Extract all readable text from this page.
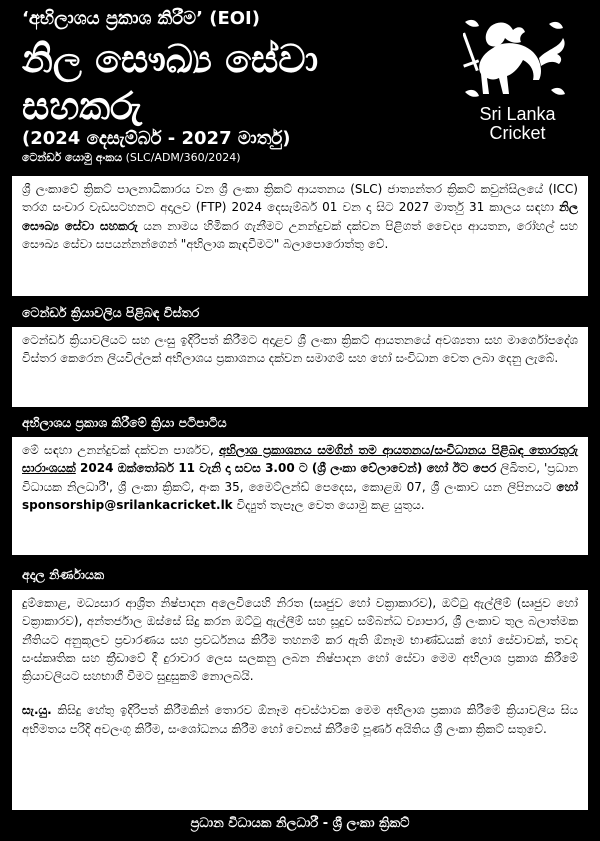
‘අභිලාශය ප්‍රකාශ කිරීම’ (EOI)
නිල සෞඛ්‍ය සේවා
සහකරු
(2024 දෙසැම්බර් - 2027 මාර්තු)
ටෙන්ඩර් යොමු අංකය (SLC/ADM/360/2024)
Sri Lanka
Cricket
ශ්‍රී ලංකාවේ ක්‍රිකට් පාලනාධිකාරය වන ශ්‍රී ලංකා ක්‍රිකට් ආයතනය (SLC) ජාත්‍යන්තර ක්‍රිකට් කවුන්සිලයේ (ICC) තරග සංචාර වැඩසටහනට අදාලව (FTP) 2024 දෙසැම්බර් 01 වන දා සිට 2027 මාර්තු 31 කාලය සඳහා නිල සෞඛ්‍ය සේවා සහකරු යන නාමය හිමිකර ගැනීමට උනන්දුවක් දක්වන පිළිගත් වෛද්‍ය ආයතන, රෝහල් සහ සෞඛ්‍ය සේවා සපයන්නන්ගෙන් "අභිලාශ කැඳවීමට" බලාපොරොත්තු වේ.
ටෙන්ඩර් ක්‍රියාවලිය පිළිබඳ විස්තර
ටෙන්ඩර් ක්‍රියාවලියට සහ ලංසු ඉදිරිපත් කිරීමට අදාළව ශ්‍රී ලංකා ක්‍රිකට් ආයතනයේ අවශ්‍යතා සහ මාර්ගෝපදේශ විස්තර කෙරෙන ලියවිල්ලක් අභිලාශය ප්‍රකාශනය දක්වන සමාගම් සහ හෝ සංවිධාන වෙත ලබා දෙනු ලැබේ.
අභිලාශය ප්‍රකාශ කිරීමේ ක්‍රියා පටිපාටිය
මේ සඳහා උනන්දුවක් දක්වන පාර්ශව, අභිලාශ ප්‍රකාශනය සමගින් තම ආයතනය/සංවිධානය පිළිබඳ තොරතුරු සාරාංශයක් 2024 ඔක්තෝබර් 11 වැනි දා සවස 3.00 ට (ශ්‍රී ලංකා වේලාවෙන්) හෝ ඊට පෙර ලිඛිතව, 'ප්‍රධාන විධායක නිලධාරී', ශ්‍රී ලංකා ක්‍රිකට්, අංක 35, මෛට්ලන්ඩ් පෙදෙස, කොළඹ 07, ශ්‍රී ලංකාව යන ලිපිනයට හෝ sponsorship@srilankacricket.lk විද්‍යුත් තැපෑල වෙත යොමු කළ යුතුය.
අදාල නිර්ණායක
දුම්කොළ, මධ්‍යසාර ආශ්‍රිත නිෂ්පාදන අලෙවියෙහි නිරත (සෘජුව හෝ වක්‍රාකාරව), ඔට්ටු ඇල්ලීම් (සෘජුව හෝ වක්‍රාකාරව), අන්තර්ජාල ඔස්සේ සිදු කරන ඔට්ටු ඇල්ලීම් සහ සූදුව සම්බන්ධ ව්‍යාපාර, ශ්‍රී ලංකාව තුල බලාත්මක නීතියට අනුකූලව ප්‍රචාරණය සහ ප්‍රවර්ධනය කිරීම තහනම් කර ඇති ඕනෑම භාණ්ඩයක් හෝ සේවාවක්, තවද සංස්කෘතික සහ ක්‍රීඩාවේ දී දුරාචාර ලෙස සලකනු ලබන නිෂ්පාදන හෝ සේවා මෙම අභිලාශ ප්‍රකාශ කිරීමේ ක්‍රියාවලියට සහභාගී වීමට සුදුසුකම් නොලබයි.
සැ.යු. කිසිදු හේතු ඉදිරිපත් කිරීමකින් තොරව ඕනෑම අවස්ථාවක මෙම අභිලාශ ප්‍රකාශ කිරීමේ ක්‍රියාවලිය සිය අභිමතය පරිදි අවලංගු කිරීම, සංශෝධනය කිරීම හෝ වෙනස් කිරීමේ පූර්ණ අයිතිය ශ්‍රී ලංකා ක්‍රිකට් සතුවේ.
ප්‍රධාන විධායක නිලධාරී - ශ්‍රී ලංකා ක්‍රිකට්
